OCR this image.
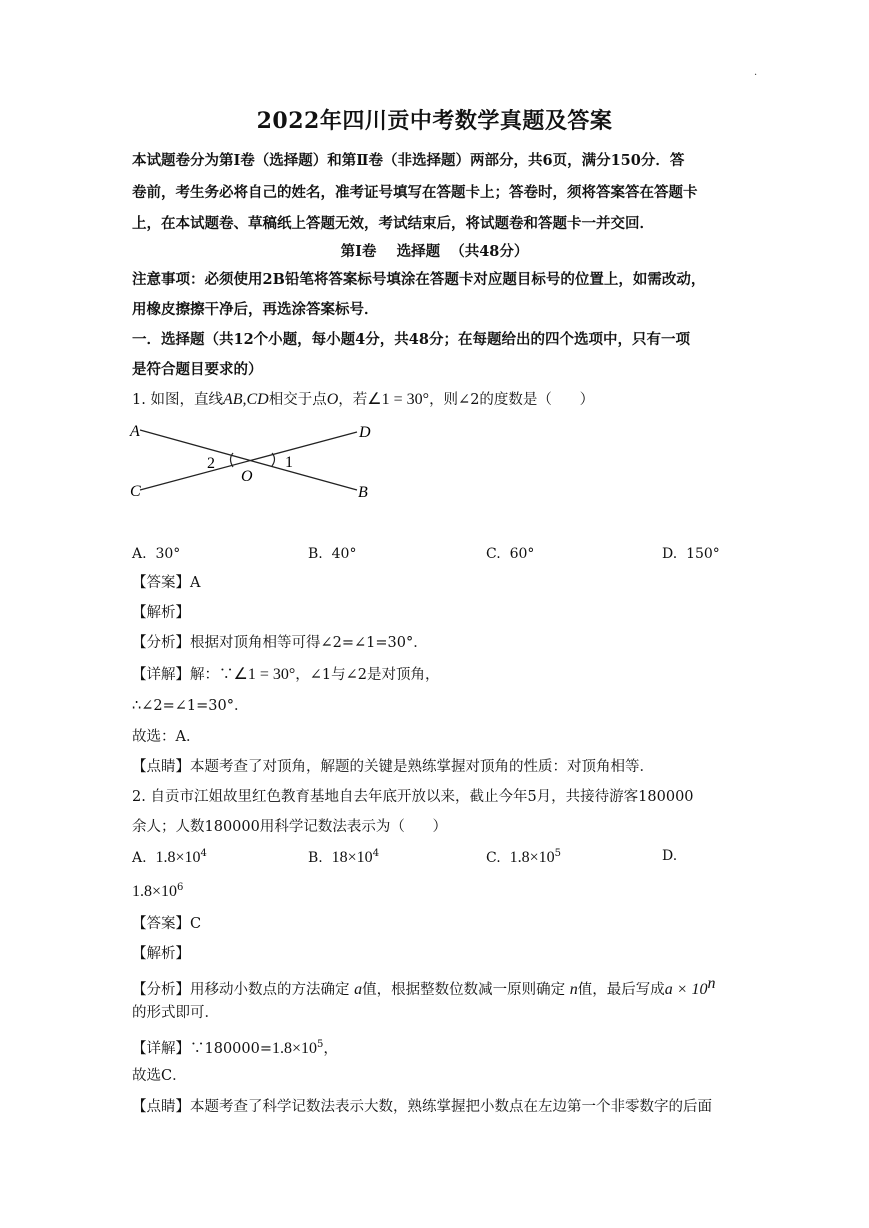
·
2022年四川贡中考数学真题及答案
本试题卷分为第Ⅰ卷（选择题）和第Ⅱ卷（非选择题）两部分，共6页，满分150分．答
卷前，考生务必将自己的姓名，准考证号填写在答题卡上；答卷时，须将答案答在答题卡
上，在本试题卷、草稿纸上答题无效，考试结束后，将试题卷和答题卡一并交回．
第Ⅰ卷    选择题  （共48分）
注意事项：必须使用2B铅笔将答案标号填涂在答题卡对应题目标号的位置上，如需改动，
用橡皮擦擦干净后，再选涂答案标号．
一．选择题（共12个小题，每小题4分，共48分；在每题给出的四个选项中，只有一项
是符合题目要求的）
1. 如图，直线AB,CD相交于点O，若∠1 = 30°，则∠2的度数是（      ）
A
B
C
D
O
1
2
A.  30°	B.  40°	C.  60°	D.  150°
【答案】A
【解析】
【分析】根据对顶角相等可得∠2=∠1=30°．
【详解】解：∵∠1 = 30°，∠1与∠2是对顶角，
∴∠2=∠1=30°．
故选：A．
【点睛】本题考查了对顶角，解题的关键是熟练掌握对顶角的性质：对顶角相等．
2. 自贡市江姐故里红色教育基地自去年底开放以来，截止今年5月，共接待游客180000
余人；人数180000用科学记数法表示为（      ）
A. $1.8\times 10^4$	B. $18\times 10^4$	C. $1.8\times 10^5$	D.
$1.8\times 10^6$
【答案】C
【解析】
【分析】用移动小数点的方法确定 a值，根据整数位数减一原则确定 n值，最后写成$a \times 10^n$
的形式即可．
【详解】$\because 180000=1.8\times 10^5$，
故选C．
【点睛】本题考查了科学记数法表示大数，熟练掌握把小数点在左边第一个非零数字的后面
